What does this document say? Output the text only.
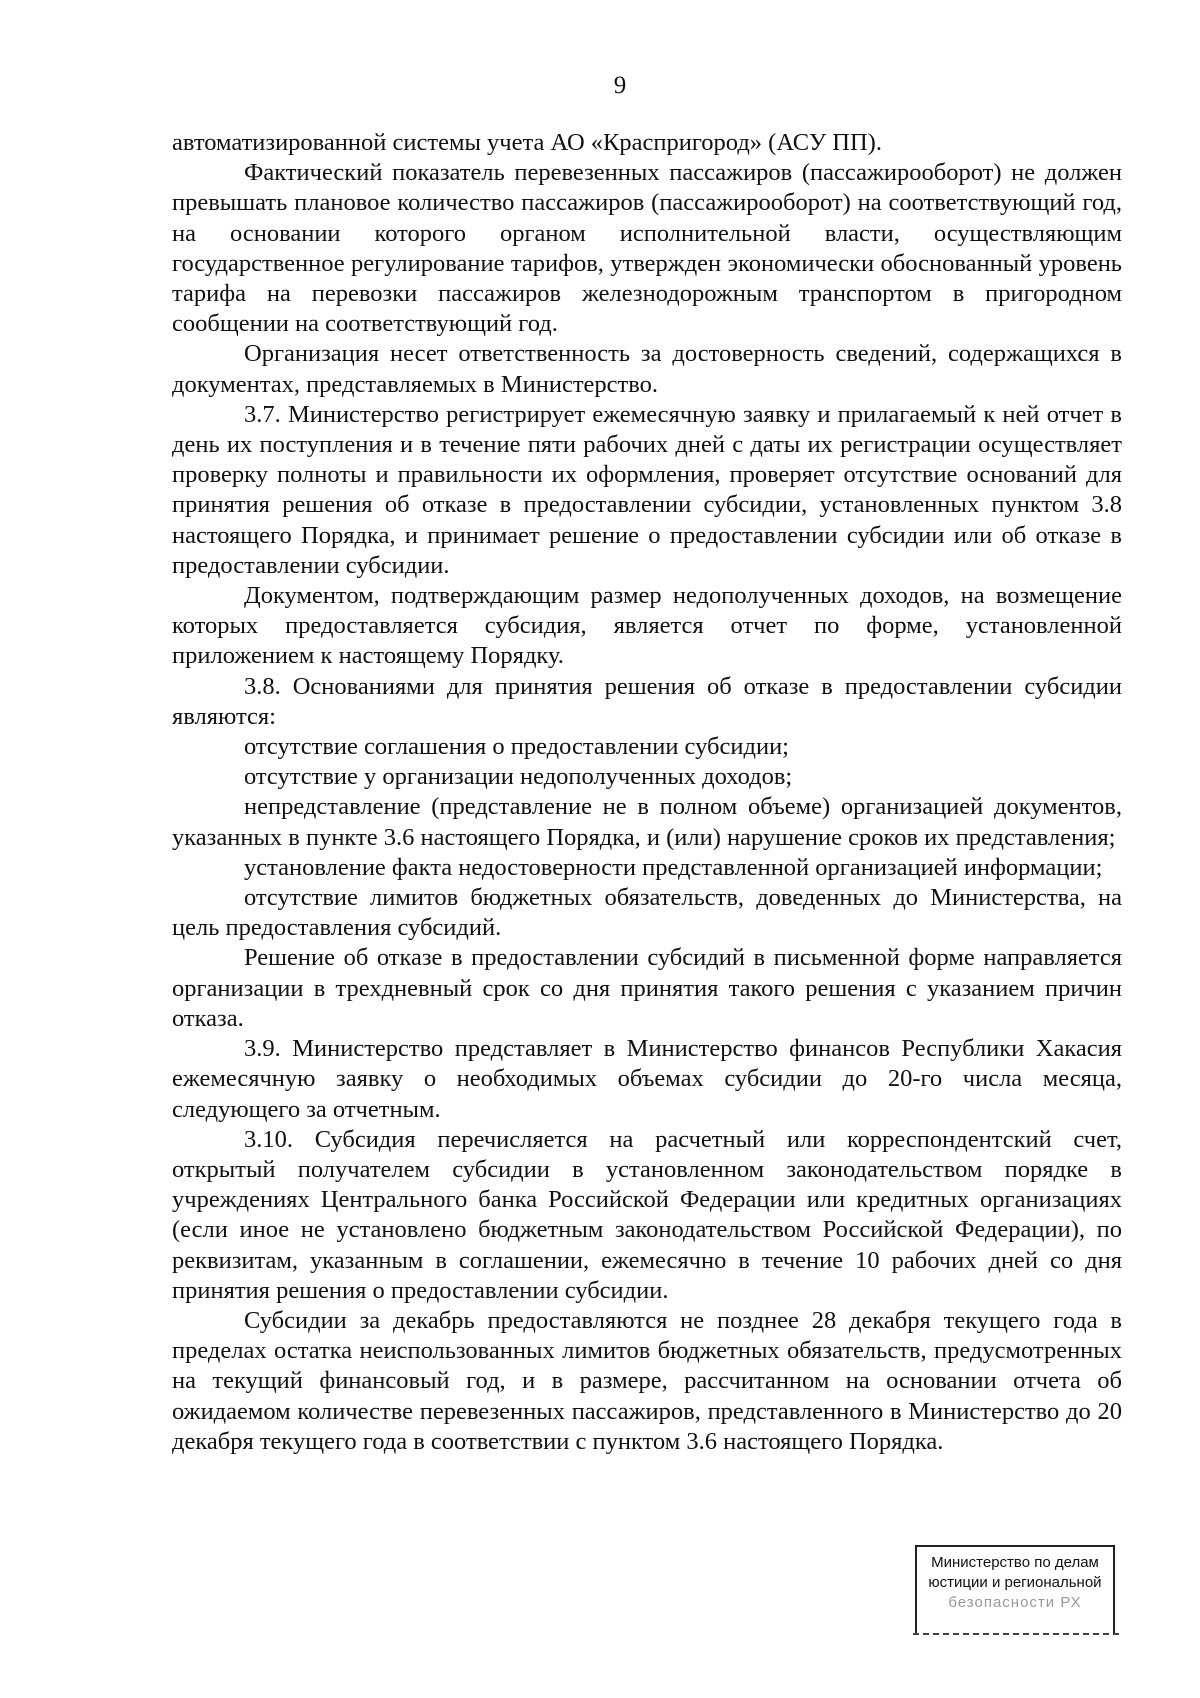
9

автоматизированной системы учета АО «Краспригород» (АСУ ПП).

Фактический показатель перевезенных пассажиров (пассажирооборот) не должен превышать плановое количество пассажиров (пассажирооборот) на соответствующий год, на основании которого органом исполнительной власти, осуществляющим государственное регулирование тарифов, утвержден экономически обоснованный уровень тарифа на перевозки пассажиров железнодорожным транспортом в пригородном сообщении на соответствующий год.

Организация несет ответственность за достоверность сведений, содержащихся в документах, представляемых в Министерство.

3.7. Министерство регистрирует ежемесячную заявку и прилагаемый к ней отчет в день их поступления и в течение пяти рабочих дней с даты их регистрации осуществляет проверку полноты и правильности их оформления, проверяет отсутствие оснований для принятия решения об отказе в предоставлении субсидии, установленных пунктом 3.8 настоящего Порядка, и принимает решение о предоставлении субсидии или об отказе в предоставлении субсидии.

Документом, подтверждающим размер недополученных доходов, на возмещение которых предоставляется субсидия, является отчет по форме, установленной приложением к настоящему Порядку.

3.8. Основаниями для принятия решения об отказе в предоставлении субсидии являются:

отсутствие соглашения о предоставлении субсидии;

отсутствие у организации недополученных доходов;

непредставление (представление не в полном объеме) организацией документов, указанных в пункте 3.6 настоящего Порядка, и (или) нарушение сроков их представления;

установление факта недостоверности представленной организацией информации;

отсутствие лимитов бюджетных обязательств, доведенных до Министерства, на цель предоставления субсидий.

Решение об отказе в предоставлении субсидий в письменной форме направляется организации в трехдневный срок со дня принятия такого решения с указанием причин отказа.

3.9. Министерство представляет в Министерство финансов Республики Хакасия ежемесячную заявку о необходимых объемах субсидии до 20-го числа месяца, следующего за отчетным.

3.10. Субсидия перечисляется на расчетный или корреспондентский счет, открытый получателем субсидии в установленном законодательством порядке в учреждениях Центрального банка Российской Федерации или кредитных организациях (если иное не установлено бюджетным законодательством Российской Федерации), по реквизитам, указанным в соглашении, ежемесячно в течение 10 рабочих дней со дня принятия решения о предоставлении субсидии.

Субсидии за декабрь предоставляются не позднее 28 декабря текущего года в пределах остатка неиспользованных лимитов бюджетных обязательств, предусмотренных на текущий финансовый год, и в размере, рассчитанном на основании отчета об ожидаемом количестве перевезенных пассажиров, представленного в Министерство до 20 декабря текущего года в соответствии с пунктом 3.6 настоящего Порядка.

Министерство по делам
юстиции и региональной
безопасности РХ
